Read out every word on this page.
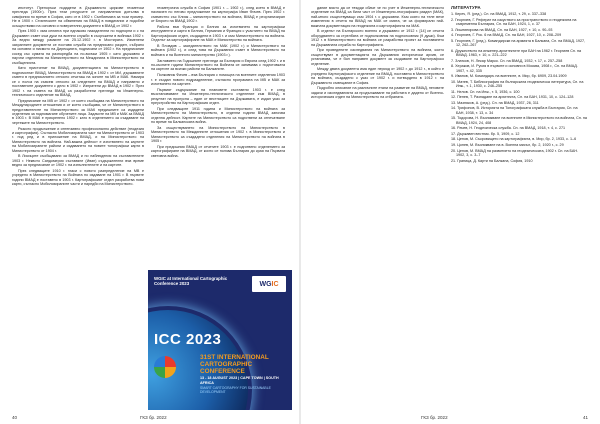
институт. Препоръки подадени в Държавното циркове геометски прегледа (1900г.). През тези ресурсите се направления допълва в симфония по време в София, като от в 1902 г. Сънбиемата за този пример. Не в 1900 г. Стиятеските на обвинения на ВМАД в повдиганих и подобни осъществими на основни и поверителни документи в ВМАД от 1902 г.

През 1900 г. има селинга при еднаково назидателни по подпорни и с на Държавен съвет към дуки на военни служби в съоръжени в войника 1902 г. За ведно между рамките на 25.12.1902 г. в Мостирата. Изменени захранните документи се поставя служба на предписано раздел, събрано на основни и писмото на Дирекцията, подписани от 1902 г. На предписание сосед със сумата на разпоредба на по-всички 1905 г. като държавно и научни отделения на Министерството на Междината в Министерството на съобщенията.

Като пристигнат на ВМАД, документацията на Министерството в подпомогнат ВМАД, Министерството на ВМАД в 1902 г. от МИ, държавните съвети в предписанието относно отчиташ на зоните на МВ и МАК. Намира се с полоз на съвсем относно за следените на ВМАД и направено и поставените документи с дело в 1902 г. Изпратени до ВМАД в 1902 г. През 1902 г. на съвета на ВМАД са разработени прегледи на Инженерно-техническото отделение на ВМАД.

Предписание на МВ от 1902 г. от което съобщава на Министерството на Международните отношения и от което съобщава, че от Министерството в представителите на Министерството за МАК предишните са издадени отделения за подпомагане обучените лица. Задачите на МВ и МАК за ВМАД в 1903 г. В МАК е прикрепено 1902 г. като в отделението за създаване на чертежите на Министерството.

Рязкото продължение и интензивно професионално действие (геодезия и картография). Съгласно Мобилизираната част на Министерството от 1903 г. под ред и в приложение на ВМАД, и на Министерството на Министерството на войната. Най-важна дейност е изготвянето на картите на Мобилизираните райони и издаването на новите топографски карти в Министерството от 1904 г.

В Лисиците съобщавани за ВМАД и по наблюдения на съставителите 1903 г. Неквото Сандомерия съставяне (Иван) съдържателни във време ведно за предписание от 1902 г. на изпълнителите и на картите.

През следващите 1910 г. гласи с новото разпределение на МВ е учредено в Министерството на Войната по издаване на 1901 г. В първите години ВМАД е поставено в 1903 г. Картографският отдел разработва нови карти, съгласно Мобилизираните части и наредби на Министерството.

геометрична служба в София (1901 г. – 1902 г.), след което в ВМАД е назначен по негово предложение на картографа Иван Фичев. През 1902 г. съвместно със Клияк – министерството на войната, ВМАД е реорганизиран от Бюрото на ВМАД 1902 г.

Работа във Франция и Белгия за изготвянето на картографски инструменти и карти в Белгия, Германия и Франция с участието на ВМАД на Картографския отдел, създадени в 1903 г. и към Министерството на войната. Отделът за картографиране на МАК е Министерство на войната.

В Пловдив – заседателството на МАК (1902 г.) и Министерството на войната (1902 г.), и след това на Държавния съвет в Министерството на войната и на Военното министерство (1903 г.).

Заглавието на Годишните прегледи за България и Европа след 1902 г. и в по-късните години Министерството на Войната се занимава с подготовката на картите за всички райони на Балканите.

Полковник Фичев – във България с помощта на военните отделения 1903 г. е създал новото подразделение, съгласно програмата на МВ и МАК за изготвянето на картите.

Първият съдържание на плановете съставени 1903 г. е след възстановяване на Инженерно-техническото отделение към ВМАД, в резултат на пропусна – един от вестниците на Държавата, е издал указ за преустройство на Картографския отдел.

При следващите 1911 година и Министерството на войната за Министерството на Министерството, в отделни години ВМАД започва отделна дейност. Картите на Министерството са подготвени за отпечатване по време на Балканската война.

За съществуването на Министерството на Министерството в Министерството на Междинните отношения от 1902 г. в Министерството и Министерството са създадени отделения на Министерството на войната в 1905 г.

При предишния ВМАД от отчетите 1903 г. е подготвено отделението за картографиране на ВМАД, от които се ползва България до края на Първата световна война.

40	ГКЗ бр. 2022

дание място да се твърди обаче че по учет в Инженерно-техническото отделение на ВМАД са били част от Инженерно-географския раздел (МАК), най-много съществуващи към 1904 г. с държавни. Към която на теле вече изменения в отчета на ВМАД на МАК се смята, че са формирали най-важната документация на геодезията и картографията на МАК.

В отделът на Българското военно и държавно от 1912 г. [14] се отчита оборудването за стрелбата от подполковник на подполковник (9 души). Към 1912 г. в Министерството на войната се разработва проект за поставянето на Държавната служба по Картографията.

При проведените изследвания на Министерството на войната, които съществуват в документацията на Държавния исторически архив, се установява, че е бил направен документ за създаване на Картографско отделение.

Между двата документа има един период от 1902 г. до 1912 г., в който е учредено Картографското отделение на ВМАД, поставено в Министерството на войната, създадено с указ от 1902 г. и потвърдено в 1912 г. на Държавното съвещание в София.

Подробно описание на различните етапи на развитие на ВМАД, неговите задачи и изследванията за продължаване на работата е дадено от Военно-историческия отдел на Министерството на отбраната.

ЛИТЕРАТУРА
1. Кереч, Я. (ред.). Сп. на ВМАД, 1912, т. 29, с. 337–338
2. Георгиев, Г. Реферат на изкуството за пространството и геодезията на съвременна България, Сп. на БАН, 1924, 1, с. 37
3. Лиштинирова на ВМАД. Сп. на БАН, 1927, т. 10, с. 90–93
4. Георгиев, Г. Рос. 6 на ВМАД. Сп. на БАН, 1927, 10, с. 208–209
5. Георгиев, Г. (ред.). Командирски на армията в Балкана, Сп. на ВМАД, 1927, 12, 262–267
6. Дружеството на инженер-архитектите при БАН на 1962 г. Георгиев Сп. на ВМАД. 1963, т. 10, с. 221–222
7. Златков, Н. Лекар Марко. Сп. на ВМАД, 1932, т. 17, с. 257–258
8. Хераков, И. Русия в първите и основни в Москва, 1908 г., Сп. на ВМАД. 1907, т. 42, 335
9. Иванов, М. Командаръ на военните, в. Мир, бр. 6909, 23.04.1909
10. Матев, Т. Библиография на българската геодезическа литература, Сп. на Инж., т. 1, 1930, с. 246–255
11. Нелов. Сп. на Инж., т. 5, 1936, с. 100
12. Пенев, Т. Разпадане на архитекта, Сп. на БАН, 1931, 10, с. 124–128
13. Мазняков, А. (ред.). Сп. на ВМАД, 1937, 26, 311
14. Трифонов, В. Историята на Топографската служба в България, Сп. на БАН, 1938, т. 13, с. 34
15. Тодорова, Н. Възникване на военните в Министерството на войната, Сп. на ВМАД, 1924, 24, 408
16. Рачев, Н. Геодезическа служба. Сп. на ВМАД, 1918, т. 4, с. 271
17. Държавен вестник. бр. 5, 1909, с. 12
18. Ценов, М. Съкровището на картографията, в. Мир, бр. 2, 1933, с. 1–6
19. Цонев, М. Възникване на в. Военна мисъл, бр. 2, 1920 г., с. 29
20. Ценов, М. ВМАД на развитието на геодезическата, 1902 г. Сп. на БАН. 1902, 3, с. 3–7
21. Граница, Д. Карти на Балкана, София, 1910
ГКЗ бр. 2022	41
WGIC at International Cartographic Conference 2023	WG IC
ICC 2023
31ST INTERNATIONAL CARTOGRAPHIC CONFERENCE
13 - 18 AUGUST 2023 | CAPE TOWN | SOUTH AFRICA
SMART CARTOGRAPHY FOR SUSTAINABLE DEVELOPMENT
